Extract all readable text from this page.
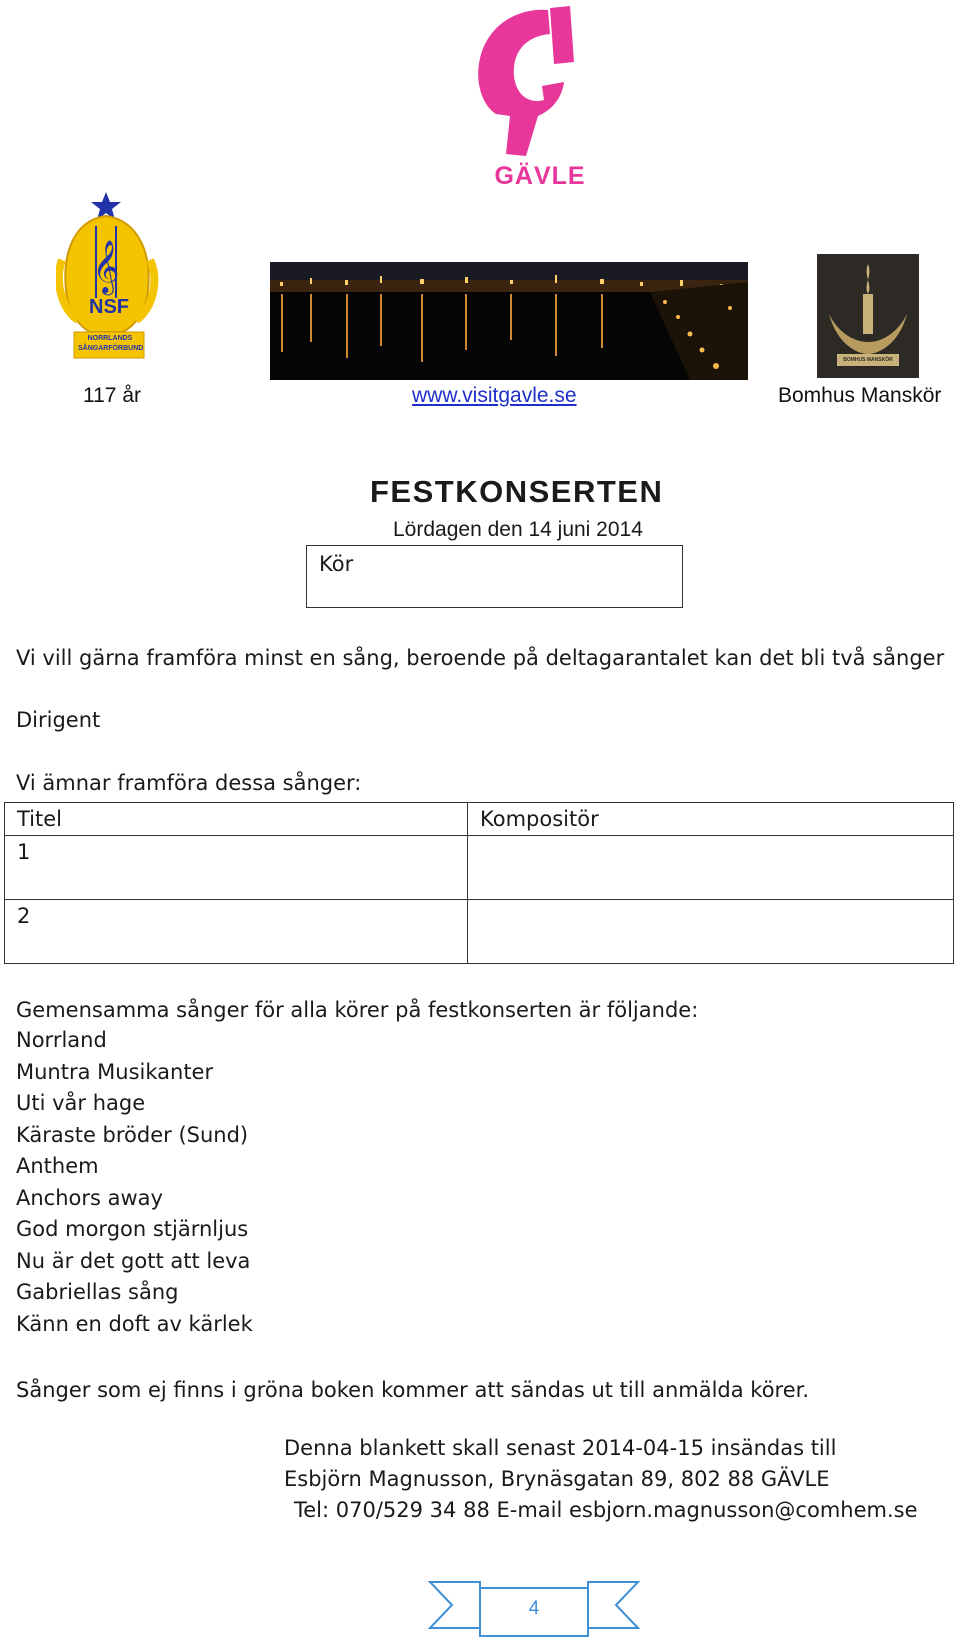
GÄVLE
𝄞
NSF
NORRLANDS SÅNGARFÖRBUND
BOMHUS MANSKÖR
117 år	www.visitgavle.se	Bomhus Manskör
FESTKONSERTEN
Lördagen den 14 juni 2014
Kör
Vi vill gärna framföra minst en sång, beroende på deltagarantalet kan det bli två sånger
Dirigent
Vi ämnar framföra dessa sånger:
Titel	Kompositör
1	
2	
Gemensamma sånger för alla körer på festkonserten är följande:
Norrland
Muntra Musikanter
Uti vår hage
Käraste bröder (Sund)
Anthem
Anchors away
God morgon stjärnljus
Nu är det gott att leva
Gabriellas sång
Känn en doft av kärlek
Sånger som ej finns i gröna boken kommer att sändas ut till anmälda körer.
Denna blankett skall senast 2014-04-15 insändas till
Esbjörn Magnusson, Brynäsgatan 89, 802 88 GÄVLE
Tel: 070/529 34 88 E-mail esbjorn.magnusson@comhem.se
4
